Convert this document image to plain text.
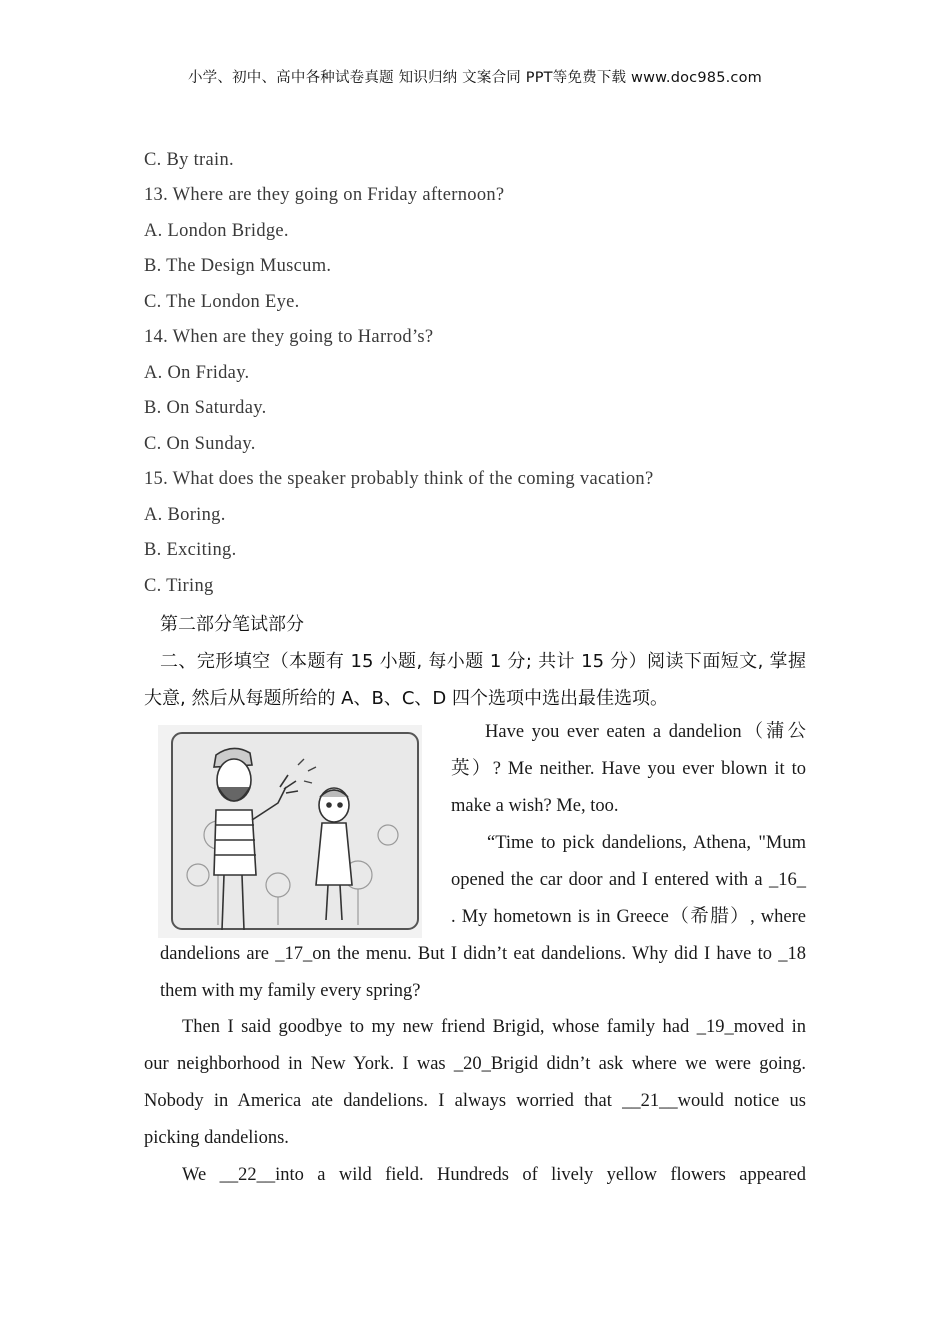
小学、初中、高中各种试卷真题 知识归纳 文案合同 PPT等免费下载 www.doc985.com
C. By train.
13. Where are they going on Friday afternoon?
A. London Bridge.
B. The Design Muscum.
C. The London Eye.
14. When are they going to Harrod’s?
A. On Friday.
B. On Saturday.
C. On Sunday.
15. What does the speaker probably think of the coming vacation?
A. Boring.
B. Exciting.
C. Tiring
第二部分笔试部分
二、完形填空（本题有 15 小题, 每小题 1 分; 共计 15 分）阅读下面短文, 掌握
大意, 然后从每题所给的 A、B、C、D 四个选项中选出最佳选项。

Have you ever eaten a dandelion（蒲公

英）? Me neither. Have you ever blown it to

make a wish? Me, too.

“Time to pick dandelions, Athena, "Mum

opened the car door and I entered with a _16_

. My hometown is in Greece（希腊）, where

dandelions are _17_on the menu. But I didn’t eat dandelions. Why did I have to _18

them with my family every spring?

Then I said goodbye to my new friend Brigid, whose family had _19_moved in

our neighborhood in New York. I was _20_Brigid didn’t ask where we were going.

Nobody in America ate dandelions. I always worried that __21__would notice us

picking dandelions.

We __22__into a wild field. Hundreds of lively yellow flowers appeared
